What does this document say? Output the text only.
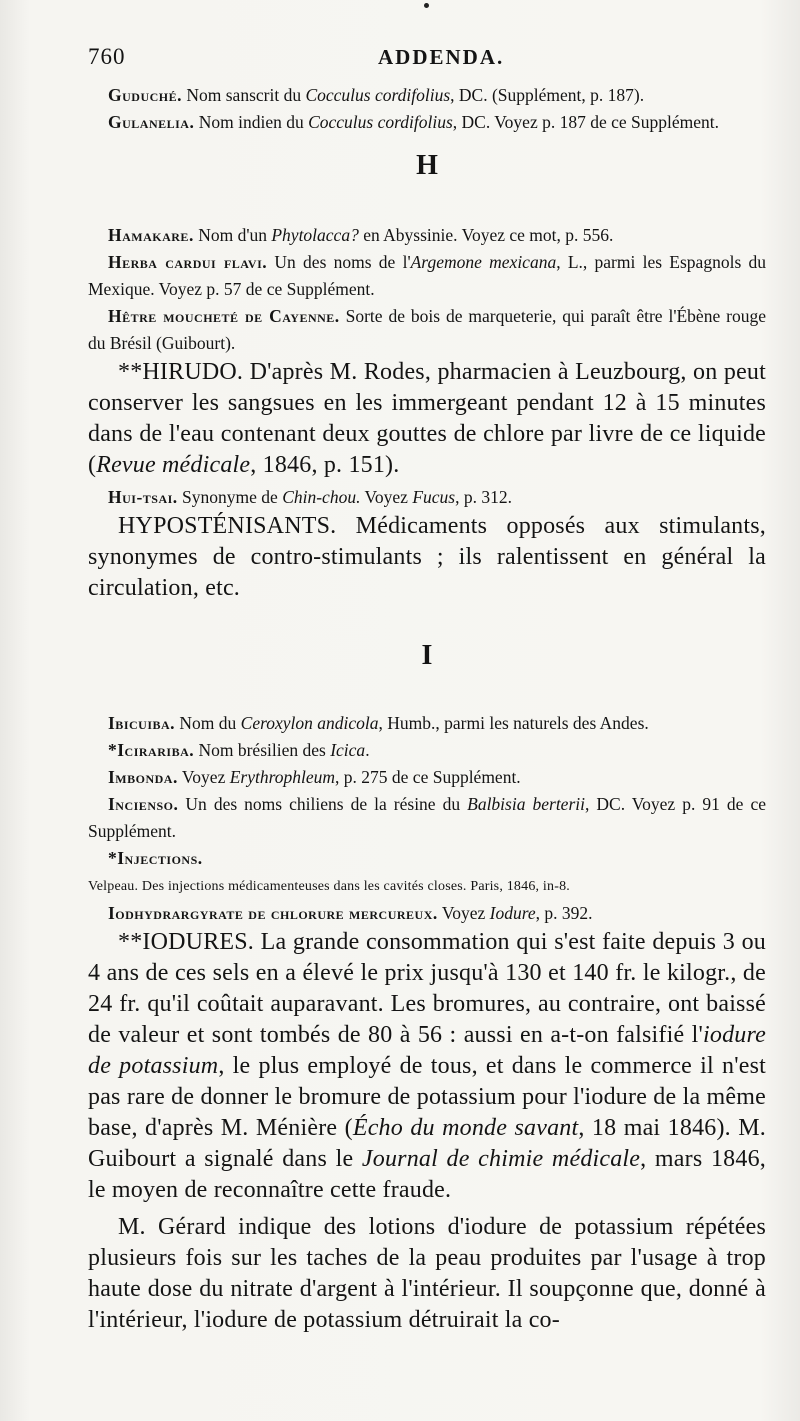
760	ADDENDA.

Guduché. Nom sanscrit du Cocculus cordifolius, DC. (Supplément, p. 187).

Gulanelia. Nom indien du Cocculus cordifolius, DC. Voyez p. 187 de ce Supplément.

H

Hamakare. Nom d'un Phytolacca? en Abyssinie. Voyez ce mot, p. 556.

Herba cardui flavi. Un des noms de l'Argemone mexicana, L., parmi les Espagnols du Mexique. Voyez p. 57 de ce Supplément.

Hêtre moucheté de Cayenne. Sorte de bois de marqueterie, qui paraît être l'Ébène rouge du Brésil (Guibourt).

**HIRUDO. D'après M. Rodes, pharmacien à Leuzbourg, on peut conserver les sangsues en les immergeant pendant 12 à 15 minutes dans de l'eau contenant deux gouttes de chlore par livre de ce liquide (Revue médicale, 1846, p. 151).

Hui-tsai. Synonyme de Chin-chou. Voyez Fucus, p. 312.

HYPOSTÉNISANTS. Médicaments opposés aux stimulants, synonymes de contro-stimulants ; ils ralentissent en général la circulation, etc.

I

Ibicuiba. Nom du Ceroxylon andicola, Humb., parmi les naturels des Andes.

*Icirariba. Nom brésilien des Icica.

Imbonda. Voyez Erythrophleum, p. 275 de ce Supplément.

Incienso. Un des noms chiliens de la résine du Balbisia berterii, DC. Voyez p. 91 de ce Supplément.

*Injections.

Velpeau. Des injections médicamenteuses dans les cavités closes. Paris, 1846, in-8.

Iodhydrargyrate de chlorure mercureux. Voyez Iodure, p. 392.

**IODURES. La grande consommation qui s'est faite depuis 3 ou 4 ans de ces sels en a élevé le prix jusqu'à 130 et 140 fr. le kilogr., de 24 fr. qu'il coûtait auparavant. Les bromures, au contraire, ont baissé de valeur et sont tombés de 80 à 56 : aussi en a-t-on falsifié l'iodure de potassium, le plus employé de tous, et dans le commerce il n'est pas rare de donner le bromure de potassium pour l'iodure de la même base, d'après M. Ménière (Écho du monde savant, 18 mai 1846). M. Guibourt a signalé dans le Journal de chimie médicale, mars 1846, le moyen de reconnaître cette fraude.

M. Gérard indique des lotions d'iodure de potassium répétées plusieurs fois sur les taches de la peau produites par l'usage à trop haute dose du nitrate d'argent à l'intérieur. Il soupçonne que, donné à l'intérieur, l'iodure de potassium détruirait la co-
